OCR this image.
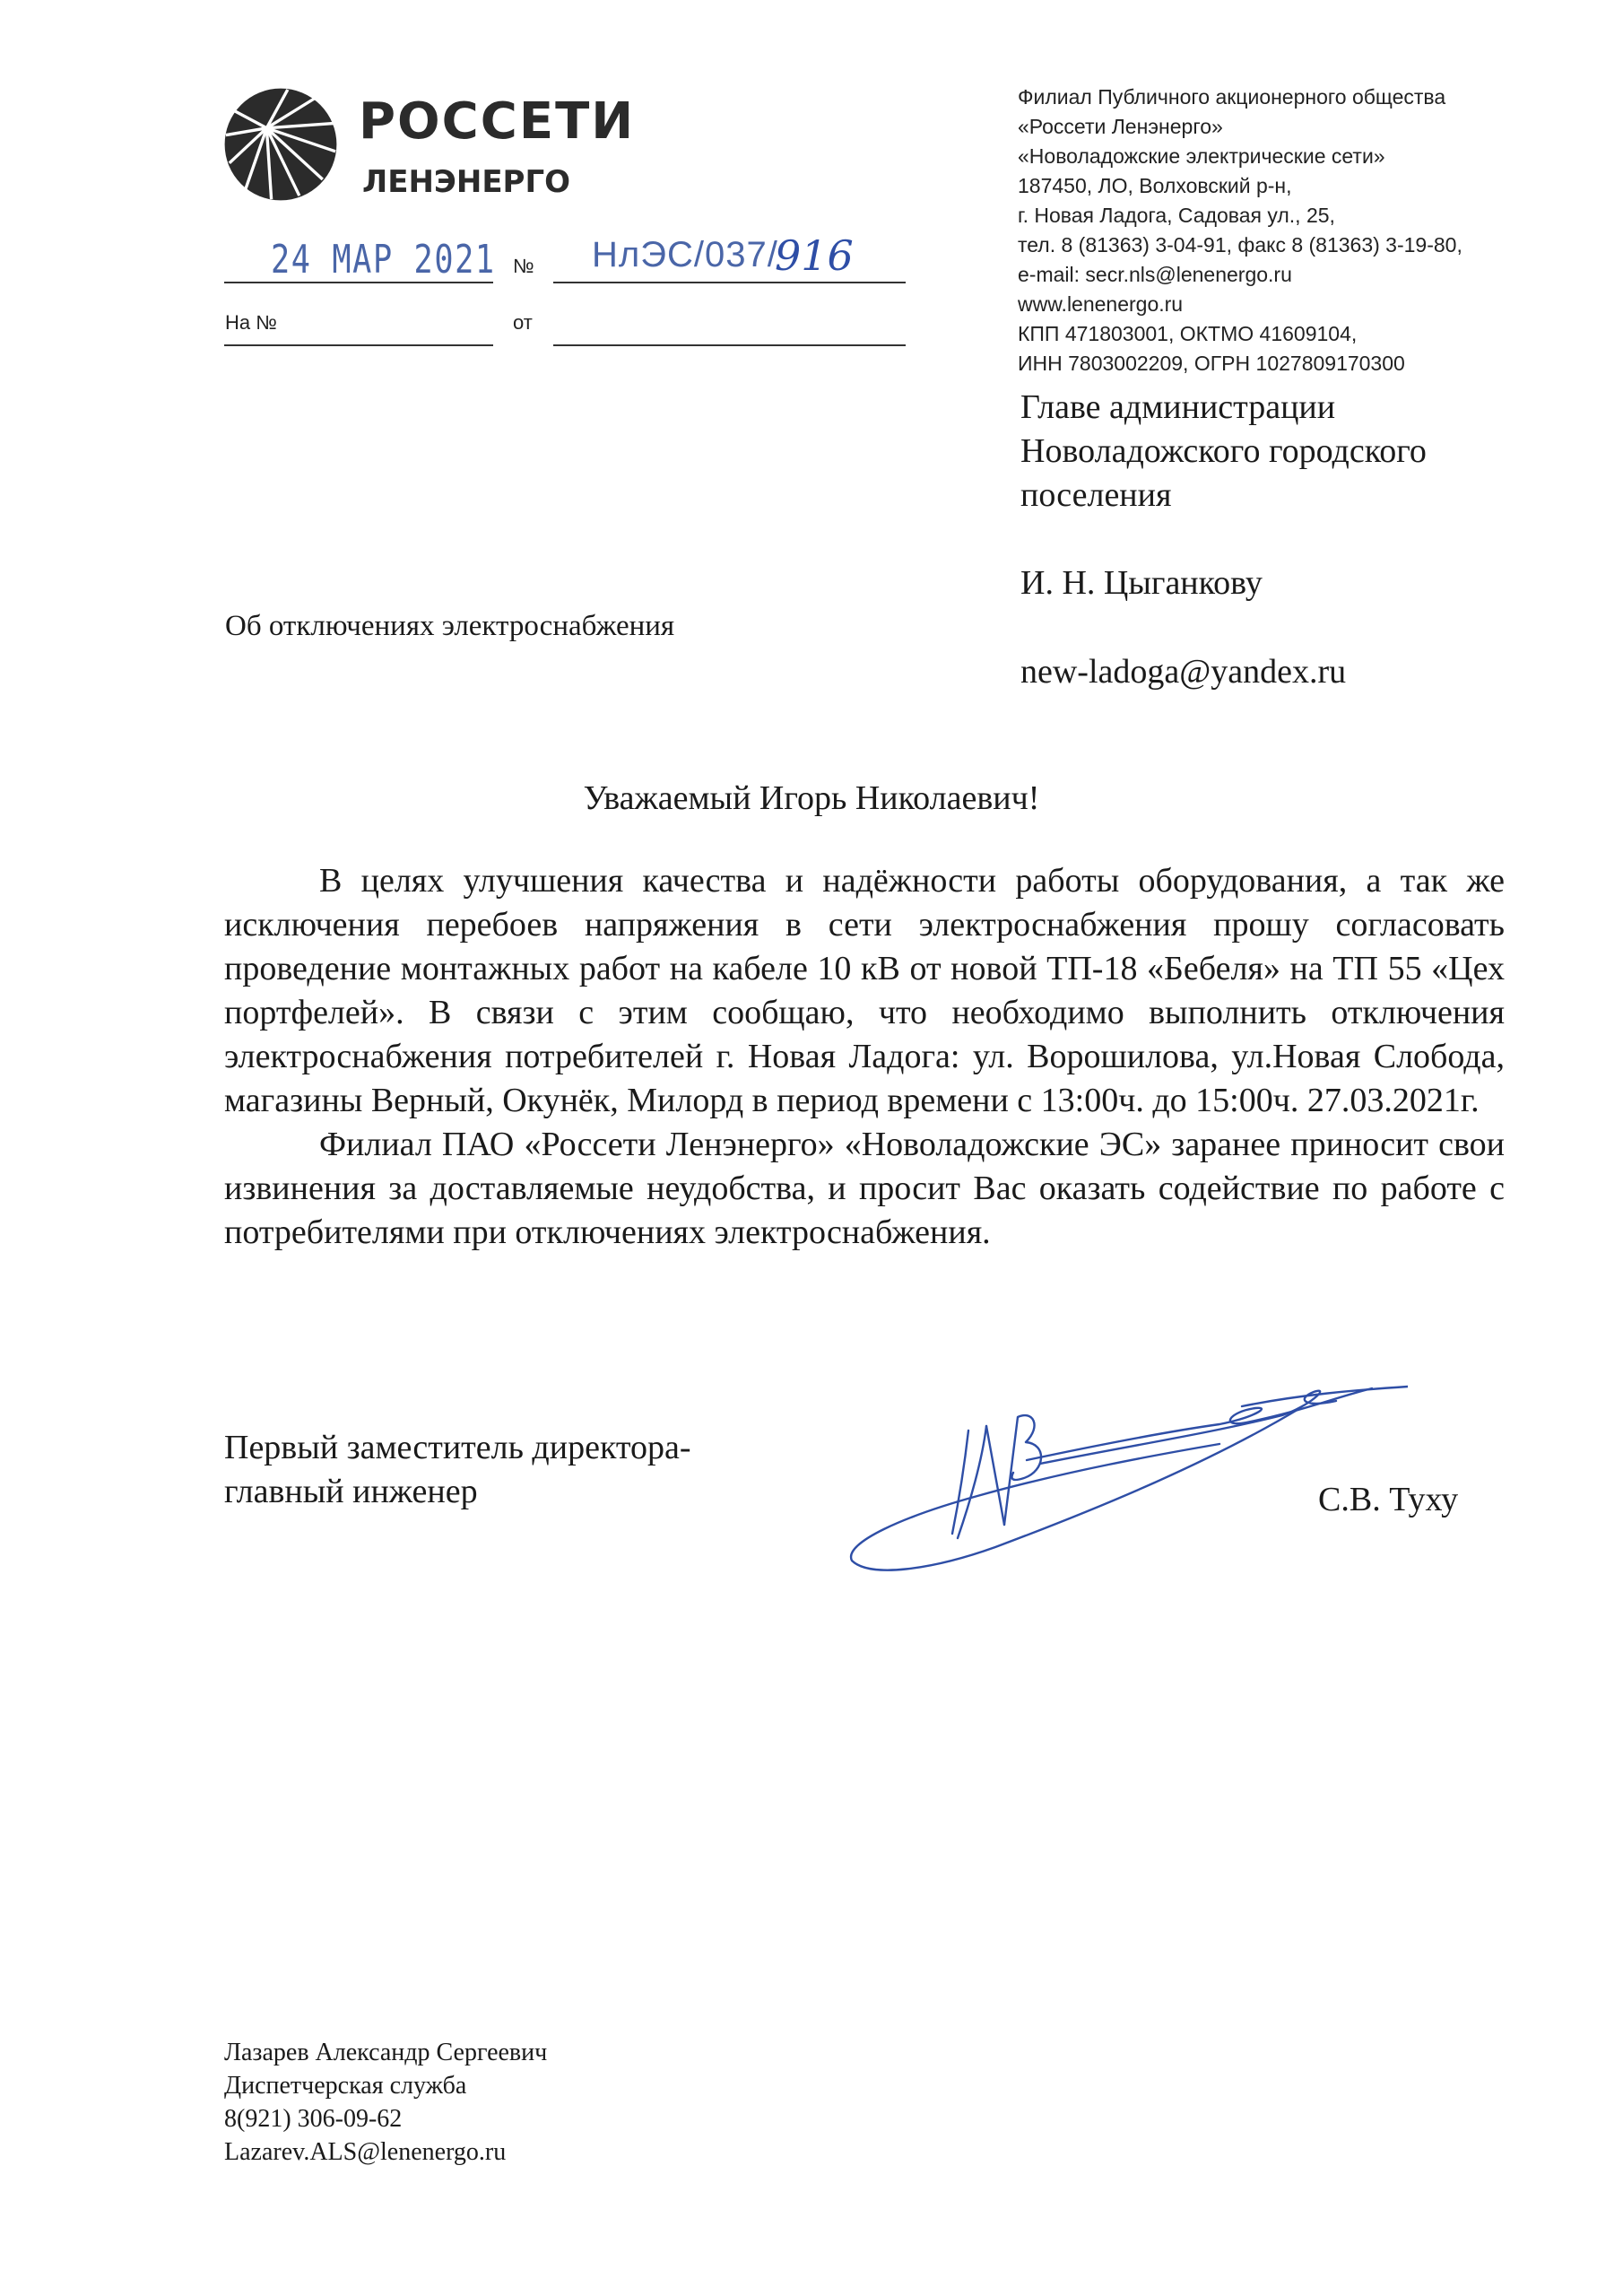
РОССЕТИ
ЛЕНЭНЕРГО
24 МАР 2021 № НлЭС/037/
916
На №	от
Филиал Публичного акционерного общества
«Россети Ленэнерго»
«Новоладожские электрические сети»
187450, ЛО, Волховский р-н,
г. Новая Ладога, Садовая ул., 25,
тел. 8 (81363) 3-04-91, факс 8 (81363) 3-19-80,
e-mail: secr.nls@lenenergo.ru
www.lenenergo.ru
КПП 471803001, ОКТМО 41609104,
ИНН 7803002209, ОГРН 1027809170300
Главе администрации
Новоладожского городского
поселения
И. Н. Цыганкову
new-ladoga@yandex.ru
Об отключениях электроснабжения
Уважаемый Игорь Николаевич!

В целях улучшения качества и надёжности работы оборудования, а так же исключения перебоев напряжения в сети электроснабжения прошу согласовать проведение монтажных работ на кабеле 10 кВ от новой ТП-18 «Бебеля» на ТП 55 «Цех портфелей». В связи с этим сообщаю, что необходимо выполнить отключения электроснабжения потребителей г. Новая Ладога: ул. Ворошилова, ул.Новая Слобода, магазины Верный, Окунёк, Милорд в период времени с 13:00ч. до 15:00ч. 27.03.2021г.

Филиал ПАО «Россети Ленэнерго» «Новоладожские ЭС» заранее приносит свои извинения за доставляемые неудобства, и просит Вас оказать содействие по работе с потребителями при отключениях электроснабжения.

Первый заместитель директора-
главный инженер	С.В. Туху
Лазарев Александр Сергеевич
Диспетчерская служба
8(921) 306-09-62
Lazarev.ALS@lenenergo.ru
